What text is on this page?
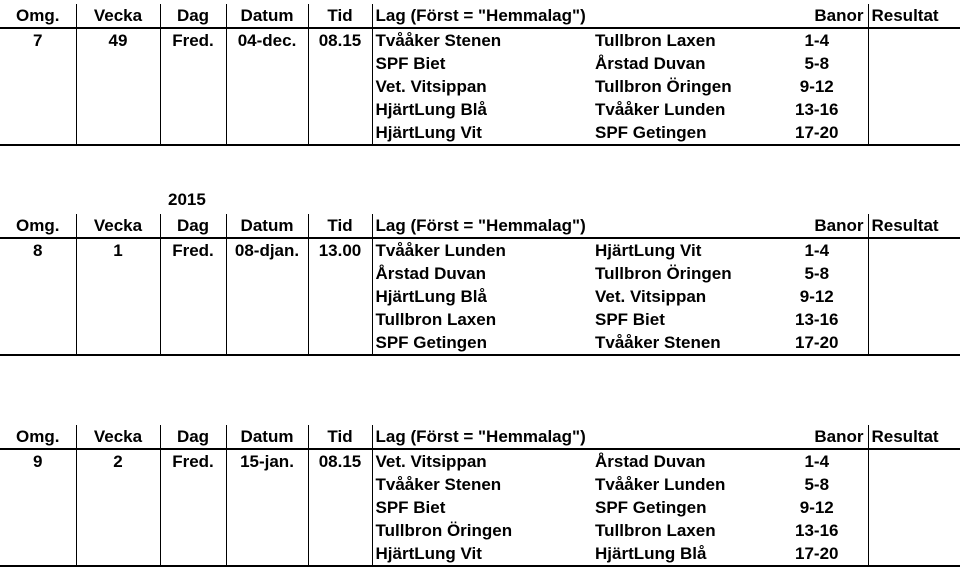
2015
Omg.	Vecka	Dag	Datum	Tid	Lag (Först = "Hemmalag")		Banor	Resultat
7	49	Fred.	04-dec.	08.15	Tvååker Stenen	Tullbron Laxen	1-4	
					SPF Biet	Årstad Duvan	5-8	
					Vet. Vitsippan	Tullbron Öringen	9-12	
					HjärtLung Blå	Tvååker Lunden	13-16	
					HjärtLung Vit	SPF Getingen	17-20	
Omg.	Vecka	Dag	Datum	Tid	Lag (Först = "Hemmalag")		Banor	Resultat
8	1	Fred.	08-djan.	13.00	Tvååker Lunden	HjärtLung Vit	1-4	
					Årstad Duvan	Tullbron Öringen	5-8	
					HjärtLung Blå	Vet. Vitsippan	9-12	
					Tullbron Laxen	SPF Biet	13-16	
					SPF Getingen	Tvååker Stenen	17-20	
Omg.	Vecka	Dag	Datum	Tid	Lag (Först = "Hemmalag")		Banor	Resultat
9	2	Fred.	15-jan.	08.15	Vet. Vitsippan	Årstad Duvan	1-4	
					Tvååker Stenen	Tvååker Lunden	5-8	
					SPF Biet	SPF Getingen	9-12	
					Tullbron Öringen	Tullbron Laxen	13-16	
					HjärtLung Vit	HjärtLung Blå	17-20	
